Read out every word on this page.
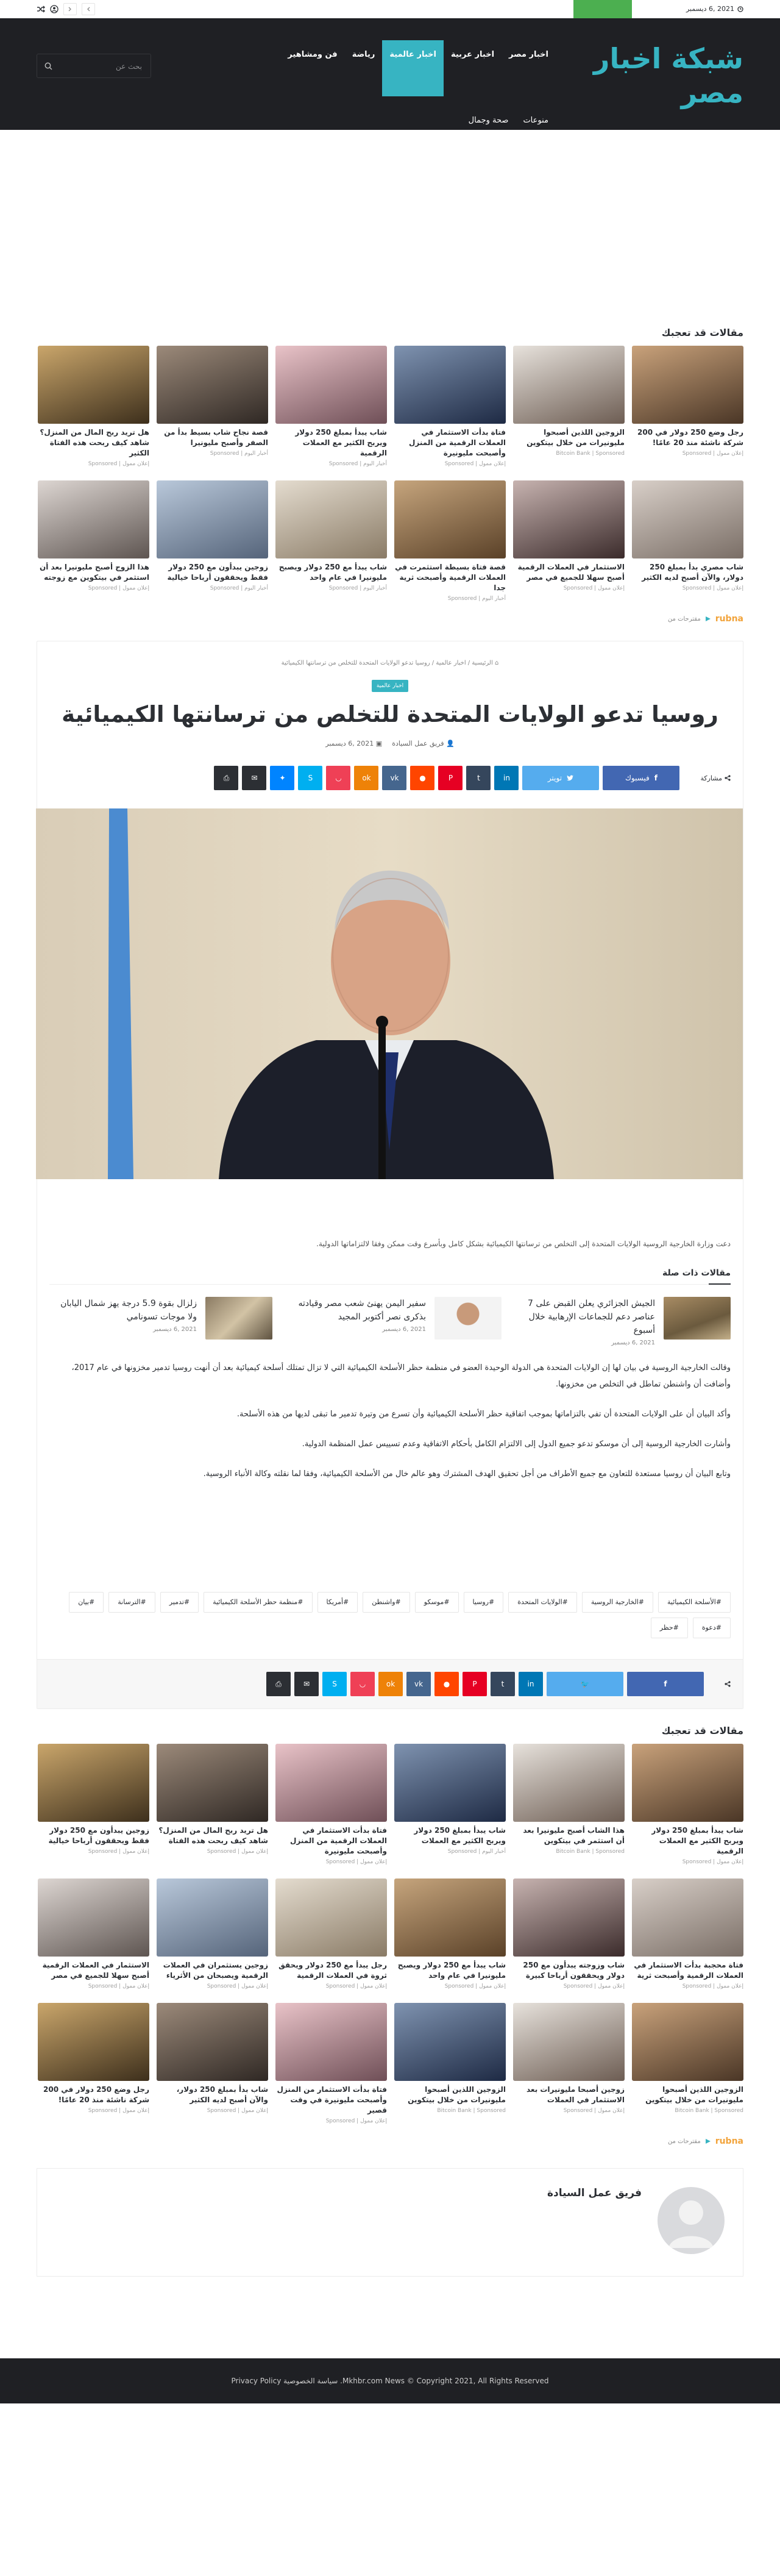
2021 ,6 ديسمبر
شبكة اخبار مصر
اخبار مصر
اخبار عربية
اخبار عالمية
رياضة
فن ومشاهير
منوعات
صحة وجمال
بحث عن
مقالات قد تعجبك
رجل وضع 250 دولار في 200 شركة ناشئة منذ 20 عامًا!
إعلان ممول | Sponsored
الزوجين اللذين أصبحوا مليونيرات من خلال بيتكوين
Bitcoin Bank | Sponsored
فتاة بدأت الاستثمار في العملات الرقمية من المنزل وأصبحت مليونيرة
إعلان ممول | Sponsored
شاب يبدأ بمبلغ 250 دولار ويربح الكثير مع العملات الرقمية
أخبار اليوم | Sponsored
قصة نجاح شاب بسيط بدأ من الصفر وأصبح مليونيرا
أخبار اليوم | Sponsored
هل تريد ربح المال من المنزل؟ شاهد كيف ربحت هذه الفتاة الكثير
إعلان ممول | Sponsored
شاب مصري بدأ بمبلغ 250 دولار، والآن أصبح لديه الكثير
إعلان ممول | Sponsored
الاستثمار في العملات الرقمية أصبح سهلا للجميع في مصر
إعلان ممول | Sponsored
قصة فتاة بسيطة استثمرت في العملات الرقمية وأصبحت ثرية جدا
أخبار اليوم | Sponsored
شاب يبدأ مع 250 دولار ويصبح مليونيرا في عام واحد
أخبار اليوم | Sponsored
زوجين يبدأون مع 250 دولار فقط ويحققون أرباحا خيالية
أخبار اليوم | Sponsored
هذا الزوج أصبح مليونيرا بعد أن استثمر في بيتكوين مع زوجته
إعلان ممول | Sponsored
مقترحات من rubna
⌂ الرئيسية / اخبار عالمية / روسيا تدعو الولايات المتحدة للتخلص من ترسانتها الكيميائية
اخبار عالمية
روسيا تدعو الولايات المتحدة للتخلص من ترسانتها الكيميائية
👤 فريق عمل السيادة
▣ 2021 ,6 ديسمبر
مشاركة
f
فيسبوك
تويتر
in
t
P
●
vk
ok
◡
S
✦
✉
⎙

دعت وزارة الخارجية الروسية الولايات المتحدة إلى التخلص من ترسانتها الكيميائية بشكل كامل وبأسرع وقت ممكن وفقا لالتزاماتها الدولية.

مقالات ذات صلة
الجيش الجزائري يعلن القبض على 7 عناصر دعم للجماعات الإرهابية خلال أسبوع
2021 ,6 ديسمبر
سفير اليمن يهنئ شعب مصر وقيادته بذكرى نصر أكتوبر المجيد
2021 ,6 ديسمبر
زلزال بقوة 5.9 درجة يهز شمال اليابان ولا موجات تسونامي
2021 ,6 ديسمبر

وقالت الخارجية الروسية في بيان لها إن الولايات المتحدة هي الدولة الوحيدة العضو في منظمة حظر الأسلحة الكيميائية التي لا تزال تمتلك أسلحة كيميائية بعد أن أنهت روسيا تدمير مخزونها في عام 2017، وأضافت أن واشنطن تماطل في التخلص من مخزونها.

وأكد البيان أن على الولايات المتحدة أن تفي بالتزاماتها بموجب اتفاقية حظر الأسلحة الكيميائية وأن تسرع من وتيرة تدمير ما تبقى لديها من هذه الأسلحة.

وأشارت الخارجية الروسية إلى أن موسكو تدعو جميع الدول إلى الالتزام الكامل بأحكام الاتفاقية وعدم تسييس عمل المنظمة الدولية.

وتابع البيان أن روسيا مستعدة للتعاون مع جميع الأطراف من أجل تحقيق الهدف المشترك وهو عالم خال من الأسلحة الكيميائية، وفقا لما نقلته وكالة الأنباء الروسية.

#الأسلحة الكيميائية
#الخارجية الروسية
#الولايات المتحدة
#روسيا
#موسكو
#واشنطن
#أمريكا
#منظمة حظر الأسلحة الكيميائية
#تدمير
#الترسانة
#بيان
#دعوة
#حظر
f
🐦
in
t
P
●
vk
ok
◡
S
✉
⎙
مقالات قد تعجبك
شاب يبدأ بمبلغ 250 دولار ويربح الكثير مع العملات الرقمية
إعلان ممول | Sponsored
هذا الشاب أصبح مليونيرا بعد أن استثمر في بيتكوين
Bitcoin Bank | Sponsored
شاب يبدأ بمبلغ 250 دولار ويربح الكثير مع العملات
أخبار اليوم | Sponsored
فتاة بدأت الاستثمار في العملات الرقمية من المنزل وأصبحت مليونيرة
إعلان ممول | Sponsored
هل تريد ربح المال من المنزل؟ شاهد كيف ربحت هذه الفتاة
إعلان ممول | Sponsored
زوجين يبدأون مع 250 دولار فقط ويحققون أرباحا خيالية
إعلان ممول | Sponsored
فتاة محجبة بدأت الاستثمار في العملات الرقمية وأصبحت ثرية
إعلان ممول | Sponsored
شاب وزوجته يبدأون مع 250 دولار ويحققون أرباحا كبيرة
إعلان ممول | Sponsored
شاب يبدأ مع 250 دولار ويصبح مليونيرا في عام واحد
إعلان ممول | Sponsored
رجل يبدأ مع 250 دولار ويحقق ثروة في العملات الرقمية
إعلان ممول | Sponsored
زوجين يستثمران في العملات الرقمية ويصبحان من الأثرياء
إعلان ممول | Sponsored
الاستثمار في العملات الرقمية أصبح سهلا للجميع في مصر
إعلان ممول | Sponsored
الزوجين اللذين أصبحوا مليونيرات من خلال بيتكوين
Bitcoin Bank | Sponsored
زوجين أصبحا مليونيرات بعد الاستثمار في العملات
إعلان ممول | Sponsored
الزوجين اللذين أصبحوا مليونيرات من خلال بيتكوين
Bitcoin Bank | Sponsored
فتاة بدأت الاستثمار من المنزل وأصبحت مليونيرة في وقت قصير
إعلان ممول | Sponsored
شاب بدأ بمبلغ 250 دولار، والآن أصبح لديه الكثير
إعلان ممول | Sponsored
رجل وضع 250 دولار في 200 شركة ناشئة منذ 20 عامًا!
إعلان ممول | Sponsored
مقترحات من rubna
فريق عمل السيادة
Privacy Policy سياسة الخصوصية .Mkhbr.com News © Copyright 2021, All Rights Reserved
